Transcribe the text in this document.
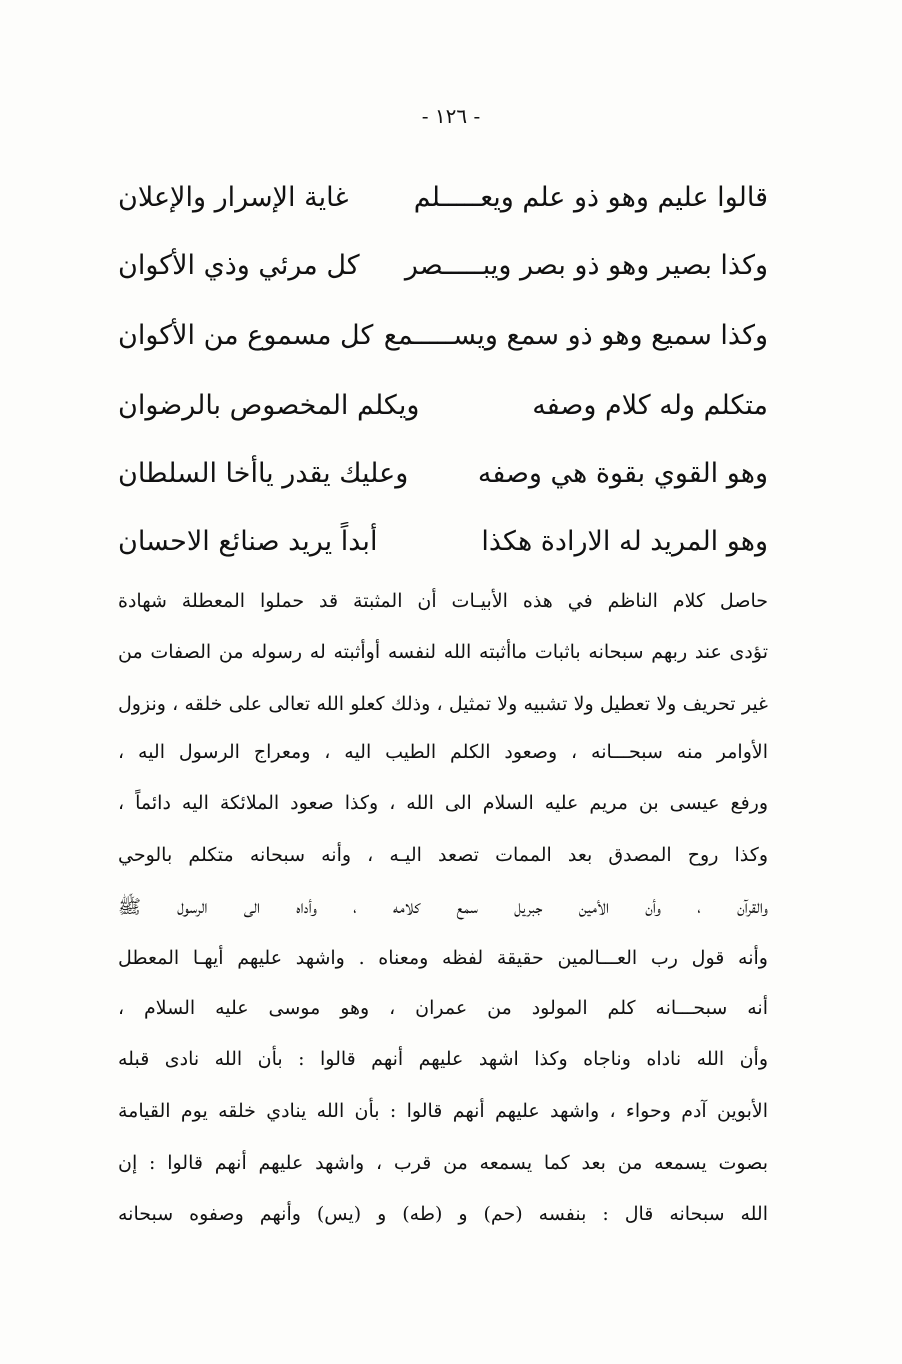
- ١٢٦ -
قالوا عليم وهو ذو علم ويعـــــلم غاية الإسرار والإعلان
وكذا بصير وهو ذو بصر ويبـــــصر كل مرئي وذي الأكوان
وكذا سميع وهو ذو سمع ويســـــمع كل مسموع من الأكوان
متكلم وله كلام وصفه ويكلم المخصوص بالرضوان
وهو القوي بقوة هي وصفه وعليك يقدر ياأخا السلطان
وهو المريد له الارادة هكذا أبداً يريد صنائع الاحسان
حاصل كلام الناظم في هذه الأبيـات أن المثبتة قد حملوا المعطلة شهادة
تؤدى عند ربهم سبحانه باثبات ماأثبته الله لنفسه أوأثبته له رسوله من الصفات من
غير تحريف ولا تعطيل ولا تشبيه ولا تمثيل ، وذلك كعلو الله تعالى على خلقه ، ونزول
الأوامر منه سبحـــانه ، وصعود الكلم الطيب اليه ، ومعراج الرسول اليه ،
ورفع عيسى بن مريم عليه السلام الى الله ، وكذا صعود الملائكة اليه دائماً ،
وكذا روح المصدق بعد الممات تصعد اليـه ، وأنه سبحانه متكلم بالوحي
والقرآن ، وأن الأمين جبريل سمع كلامه ، وأداه الى الرسول ﷺ
وأنه قول رب العـــالمين حقيقة لفظه ومعناه . واشهد عليهم أيهـا المعطل
أنه سبحـــانه كلم المولود من عمران ، وهو موسى عليه السلام ،
وأن الله ناداه وناجاه وكذا اشهد عليهم أنهم قالوا : بأن الله نادى قبله
الأبوين آدم وحواء ، واشهد عليهم أنهم قالوا : بأن الله ينادي خلقه يوم القيامة
بصوت يسمعه من بعد كما يسمعه من قرب ، واشهد عليهم أنهم قالوا : إن
الله سبحانه قال : بنفسه (حم) و (طه) و (يس) وأنهم وصفوه سبحانه
